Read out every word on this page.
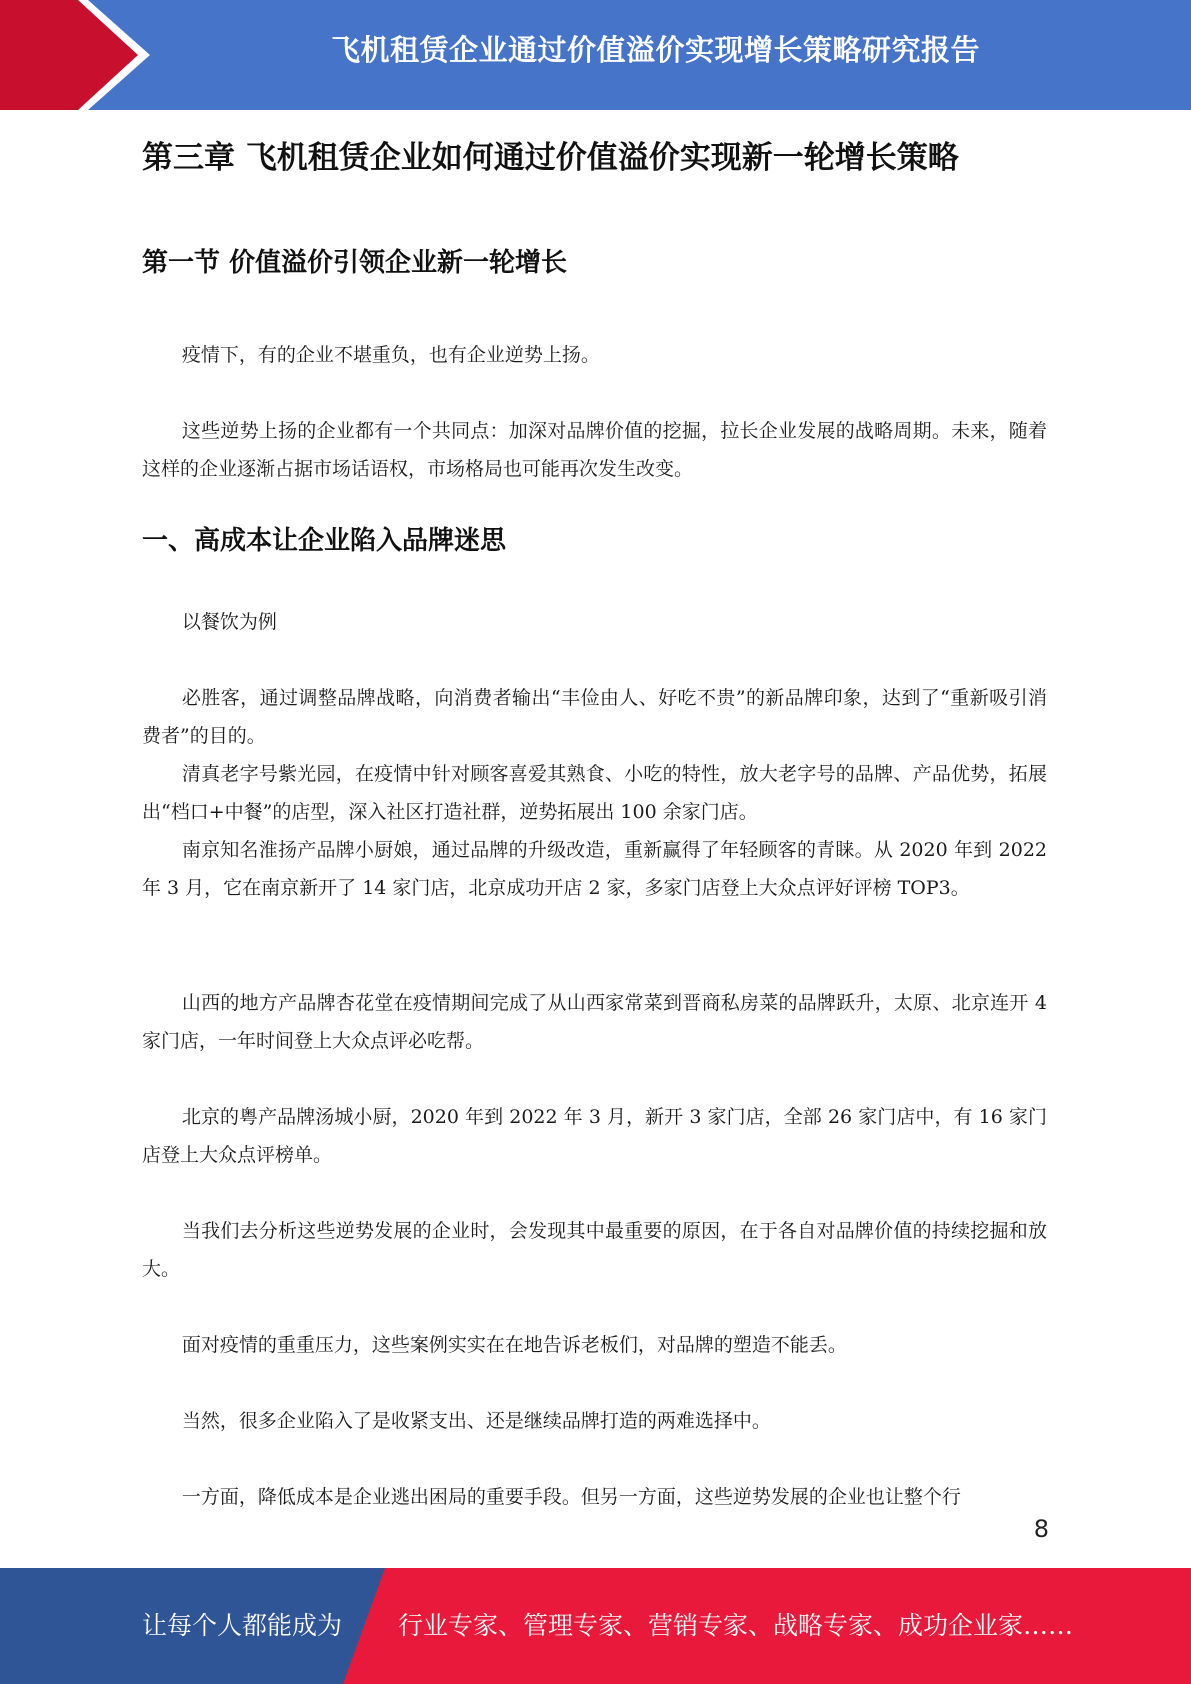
飞机租赁企业通过价值溢价实现增长策略研究报告
第三章 飞机租赁企业如何通过价值溢价实现新一轮增长策略
第一节 价值溢价引领企业新一轮增长

疫情下，有的企业不堪重负，也有企业逆势上扬。

这些逆势上扬的企业都有一个共同点：加深对品牌价值的挖掘，拉长企业发展的战略周期。未来，随着这样的企业逐渐占据市场话语权，市场格局也可能再次发生改变。

一、高成本让企业陷入品牌迷思

以餐饮为例

必胜客，通过调整品牌战略，向消费者输出“丰俭由人、好吃不贵”的新品牌印象，达到了“重新吸引消费者”的目的。

清真老字号紫光园，在疫情中针对顾客喜爱其熟食、小吃的特性，放大老字号的品牌、产品优势，拓展出“档口+中餐”的店型，深入社区打造社群，逆势拓展出 100 余家门店。

南京知名淮扬产品牌小厨娘，通过品牌的升级改造，重新赢得了年轻顾客的青睐。从 2020 年到 2022 年 3 月，它在南京新开了 14 家门店，北京成功开店 2 家，多家门店登上大众点评好评榜 TOP3。

山西的地方产品牌杏花堂在疫情期间完成了从山西家常菜到晋商私房菜的品牌跃升，太原、北京连开 4 家门店，一年时间登上大众点评必吃帮。

北京的粤产品牌汤城小厨，2020 年到 2022 年 3 月，新开 3 家门店，全部 26 家门店中，有 16 家门店登上大众点评榜单。

当我们去分析这些逆势发展的企业时，会发现其中最重要的原因，在于各自对品牌价值的持续挖掘和放大。

面对疫情的重重压力，这些案例实实在在地告诉老板们，对品牌的塑造不能丢。

当然，很多企业陷入了是收紧支出、还是继续品牌打造的两难选择中。

一方面，降低成本是企业逃出困局的重要手段。但另一方面，这些逆势发展的企业也让整个行

8
让每个人都能成为 行业专家、管理专家、营销专家、战略专家、成功企业家……
